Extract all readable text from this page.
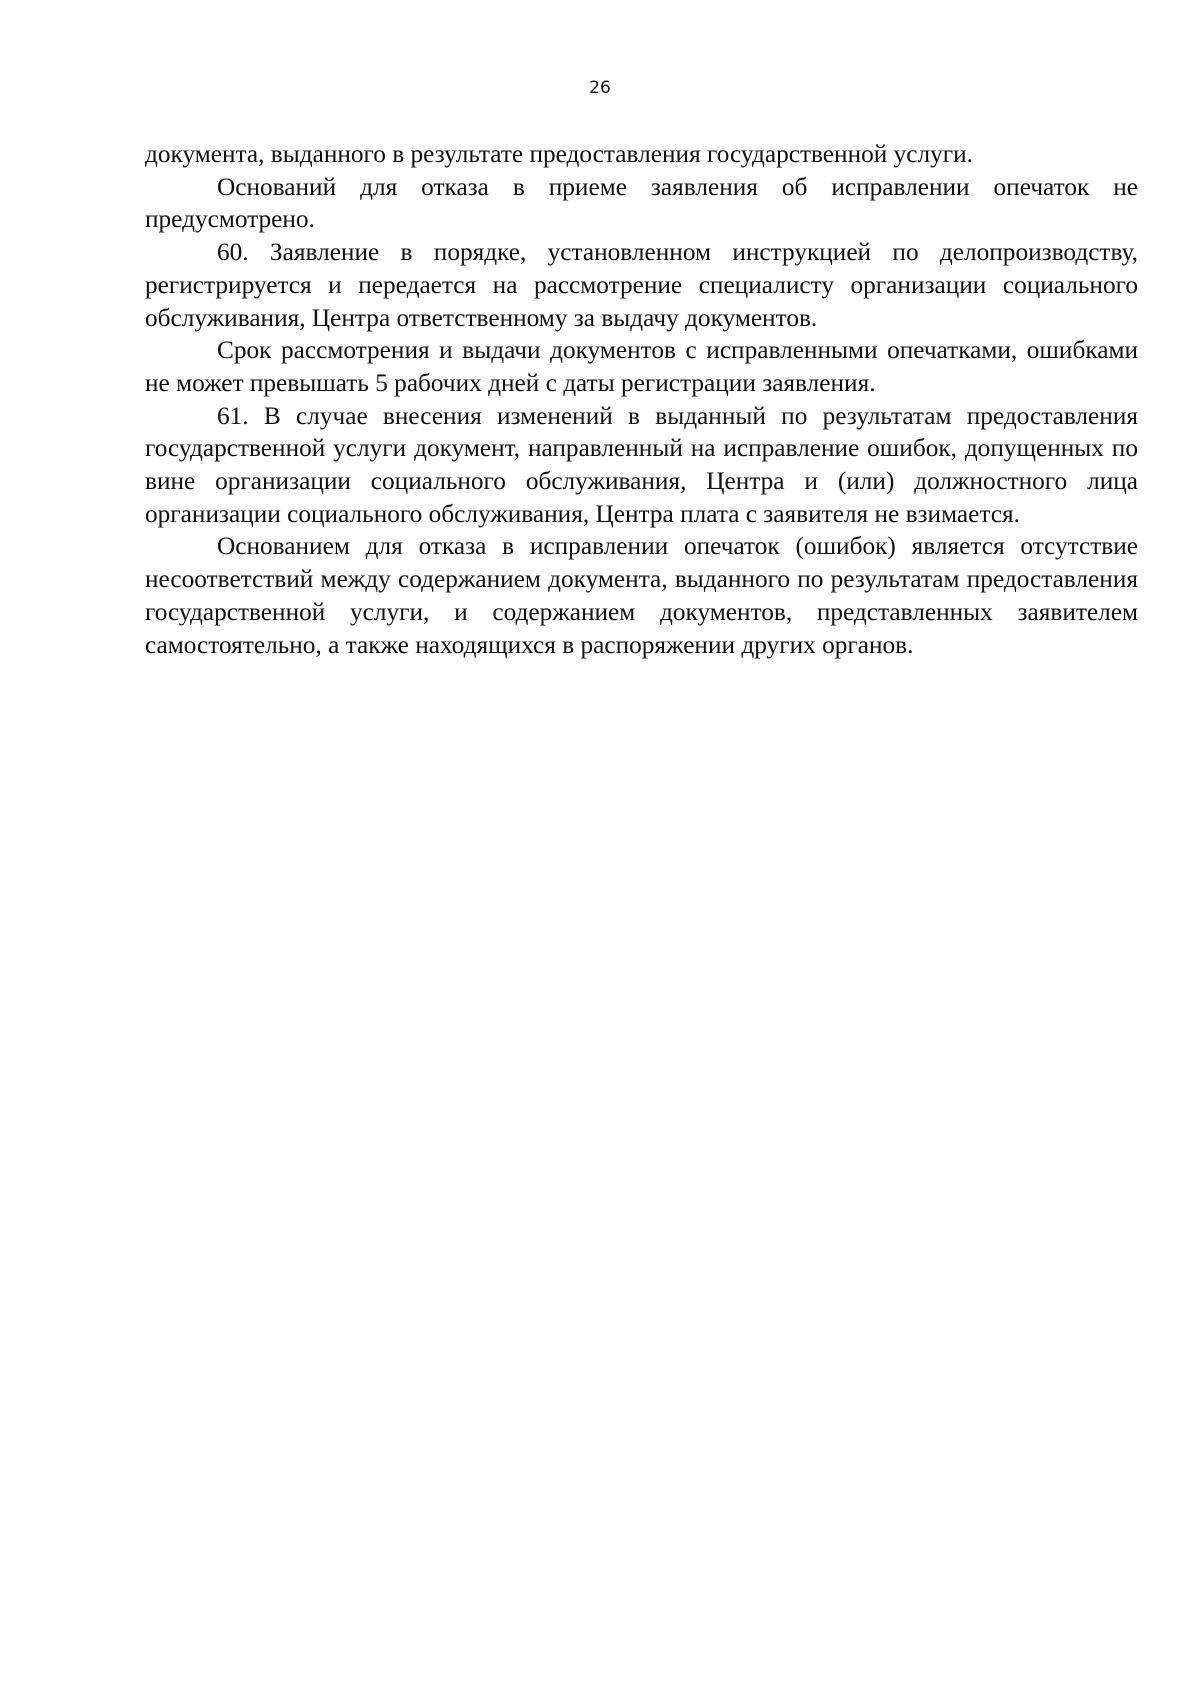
26

документа, выданного в результате предоставления государственной услуги.

Оснований для отказа в приеме заявления об исправлении опечаток не предусмотрено.

60. Заявление в порядке, установленном инструкцией по делопроизводству, регистрируется и передается на рассмотрение специалисту организации социального обслуживания, Центра ответственному за выдачу документов.

Срок рассмотрения и выдачи документов с исправленными опечатками, ошибками не может превышать 5 рабочих дней с даты регистрации заявления.

61. В случае внесения изменений в выданный по результатам предоставления государственной услуги документ, направленный на исправление ошибок, допущенных по вине организации социального обслуживания, Центра и (или) должностного лица организации социального обслуживания, Центра плата с заявителя не взимается.

Основанием для отказа в исправлении опечаток (ошибок) является отсутствие несоответствий между содержанием документа, выданного по результатам предоставления государственной услуги, и содержанием документов, представленных заявителем самостоятельно, а также находящихся в распоряжении других органов.
